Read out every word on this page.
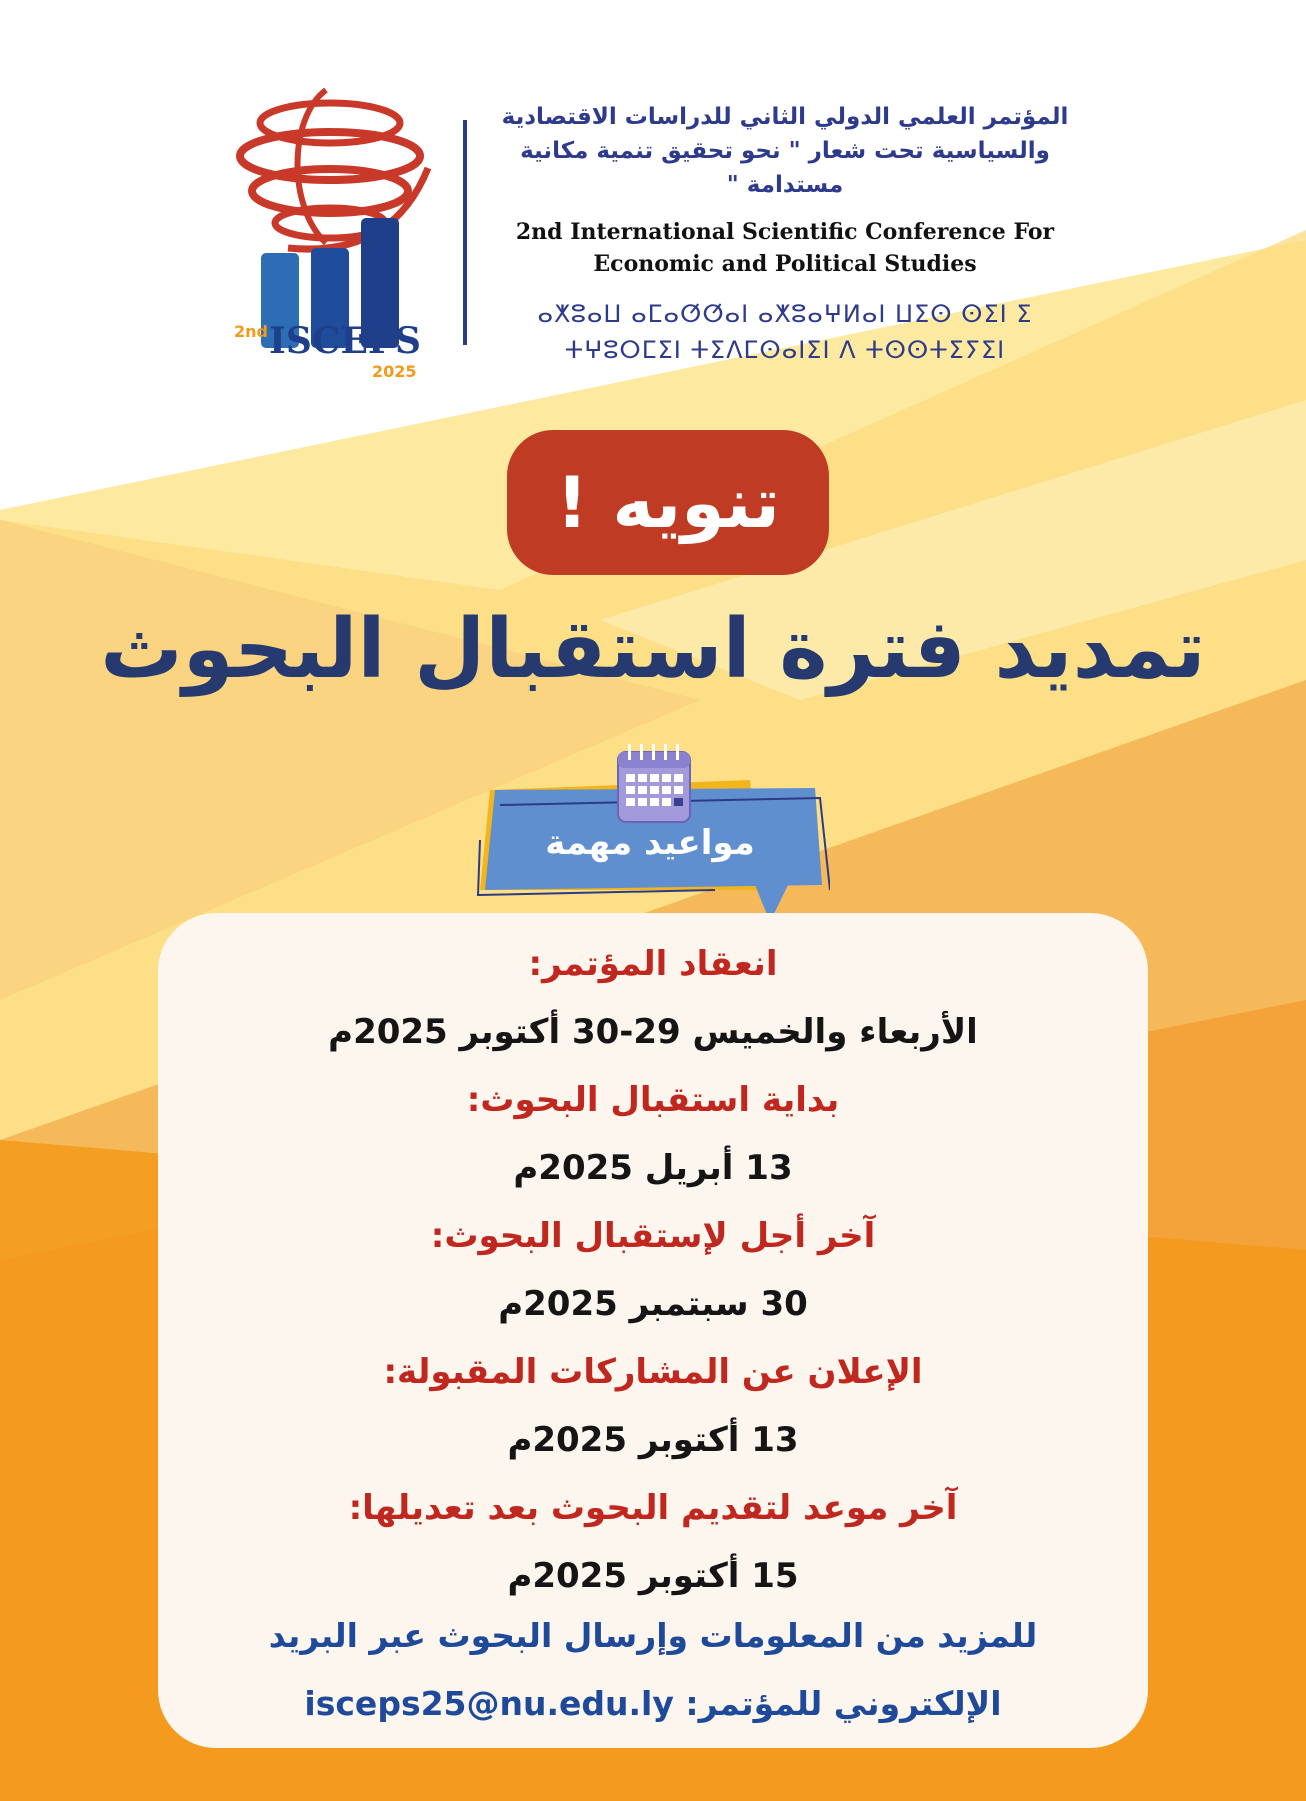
2nd ISCEPS
2025
المؤتمر العلمي الدولي الثاني للدراسات الاقتصادية والسياسية تحت شعار " نحو تحقيق تنمية مكانية مستدامة "
2nd International Scientific Conference For Economic and Political Studies
ⴰⵅⵓⴰⵡ ⴰⵎⴰⵚⵚⴰⵏ ⴰⵅⵓⴰⵖⵍⴰⵏ ⵡⵉⵙ ⵙⵉⵏ ⵉ ⵜⵖⵓⵔⵎⵉⵏ ⵜⵉⴷⵎⵙⴰⵏⵉⵏ ⴷ ⵜⵙⵙⵜⵉⵢⵉⵏ
تنويه !
تمديد فترة استقبال البحوث
مواعيد مهمة
انعقاد المؤتمر:
الأربعاء والخميس 29-30 أكتوبر 2025م
بداية استقبال البحوث:
13 أبريل 2025م
آخر أجل لإستقبال البحوث:
30 سبتمبر 2025م
الإعلان عن المشاركات المقبولة:
13 أكتوبر 2025م
آخر موعد لتقديم البحوث بعد تعديلها:
15 أكتوبر 2025م
للمزيد من المعلومات وإرسال البحوث عبر البريد
الإلكتروني للمؤتمر: isceps25@nu.edu.ly
